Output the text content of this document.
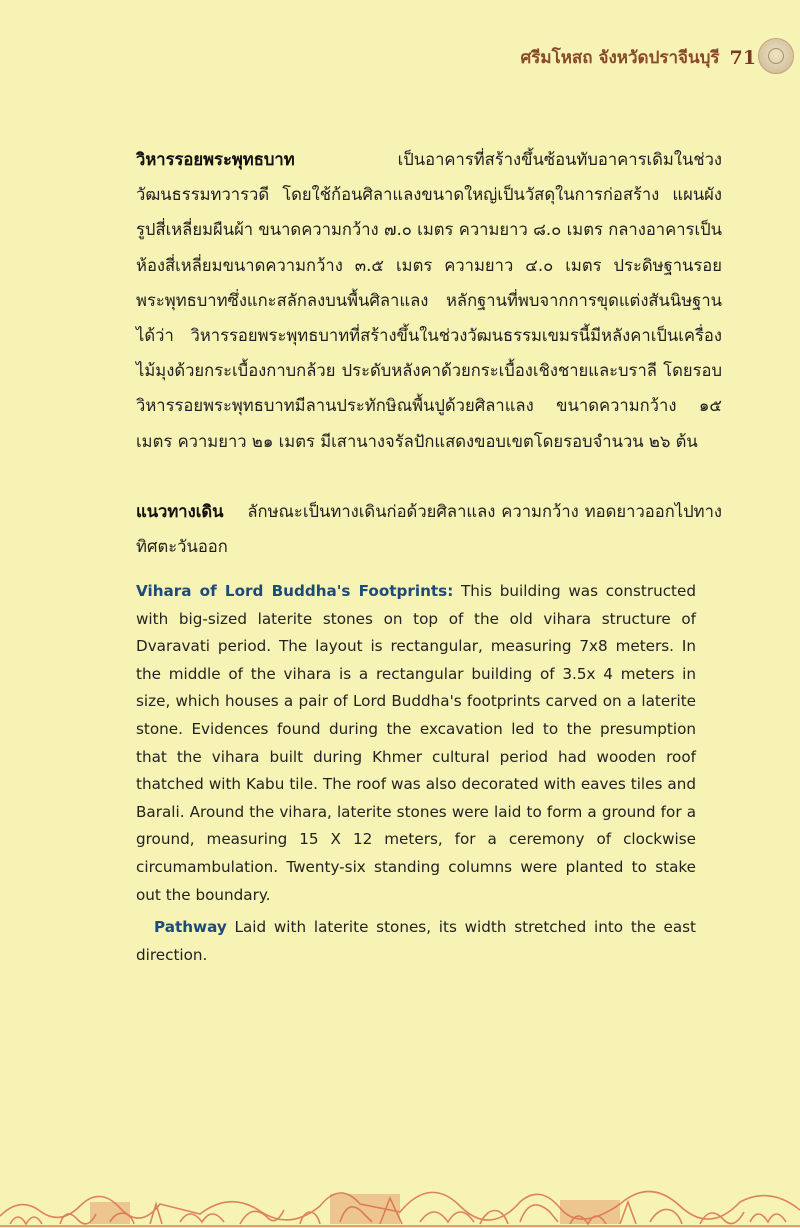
ศรีมโหสถ จังหวัดปราจีนบุรี 71
วิหารรอยพระพุทธบาท	เป็นอาคารที่สร้างขึ้นซ้อนทับอาคารเดิมในช่วงวัฒนธรรมทวารวดี โดยใช้ก้อนศิลาแลงขนาดใหญ่เป็นวัสดุในการก่อสร้าง แผนผังรูปสี่เหลี่ยมผืนผ้า ขนาดความกว้าง ๗.๐ เมตร ความยาว ๘.๐ เมตร กลางอาคารเป็นห้องสี่เหลี่ยมขนาดความกว้าง ๓.๕ เมตร ความยาว ๔.๐ เมตร ประดิษฐานรอยพระพุทธบาทซึ่งแกะสลักลงบนพื้นศิลาแลง หลักฐานที่พบจากการขุดแต่งสันนิษฐานได้ว่า วิหารรอยพระพุทธบาทที่สร้างขึ้นในช่วงวัฒนธรรมเขมรนี้มีหลังคาเป็นเครื่องไม้มุงด้วยกระเบื้องกาบกล้วย ประดับหลังคาด้วยกระเบื้องเชิงชายและบราลี โดยรอบวิหารรอยพระพุทธบาทมีลานประทักษิณพื้นปูด้วยศิลาแลง ขนาดความกว้าง ๑๕ เมตร ความยาว ๒๑ เมตร มีเสานางจรัลปักแสดงขอบเขตโดยรอบจำนวน ๒๖ ต้น
แนวทางเดิน ลักษณะเป็นทางเดินก่อด้วยศิลาแลง ความกว้าง ทอดยาวออกไปทางทิศตะวันออก
Vihara of Lord Buddha's Footprints: This building was constructed with big-sized laterite stones on top of the old vihara structure of Dvaravati period. The layout is rectangular, measuring 7x8 meters. In the middle of the vihara is a rectangular building of 3.5x 4 meters in size, which houses a pair of Lord Buddha's footprints carved on a laterite stone. Evidences found during the excavation led to the presumption that the vihara built during Khmer cultural period had wooden roof thatched with Kabu tile. The roof was also decorated with eaves tiles and Barali. Around the vihara, laterite stones were laid to form a ground for a ground, measuring 15 X 12 meters, for a ceremony of clockwise circumambulation. Twenty-six standing columns were planted to stake out the boundary.
Pathway Laid with laterite stones, its width stretched into the east direction.
